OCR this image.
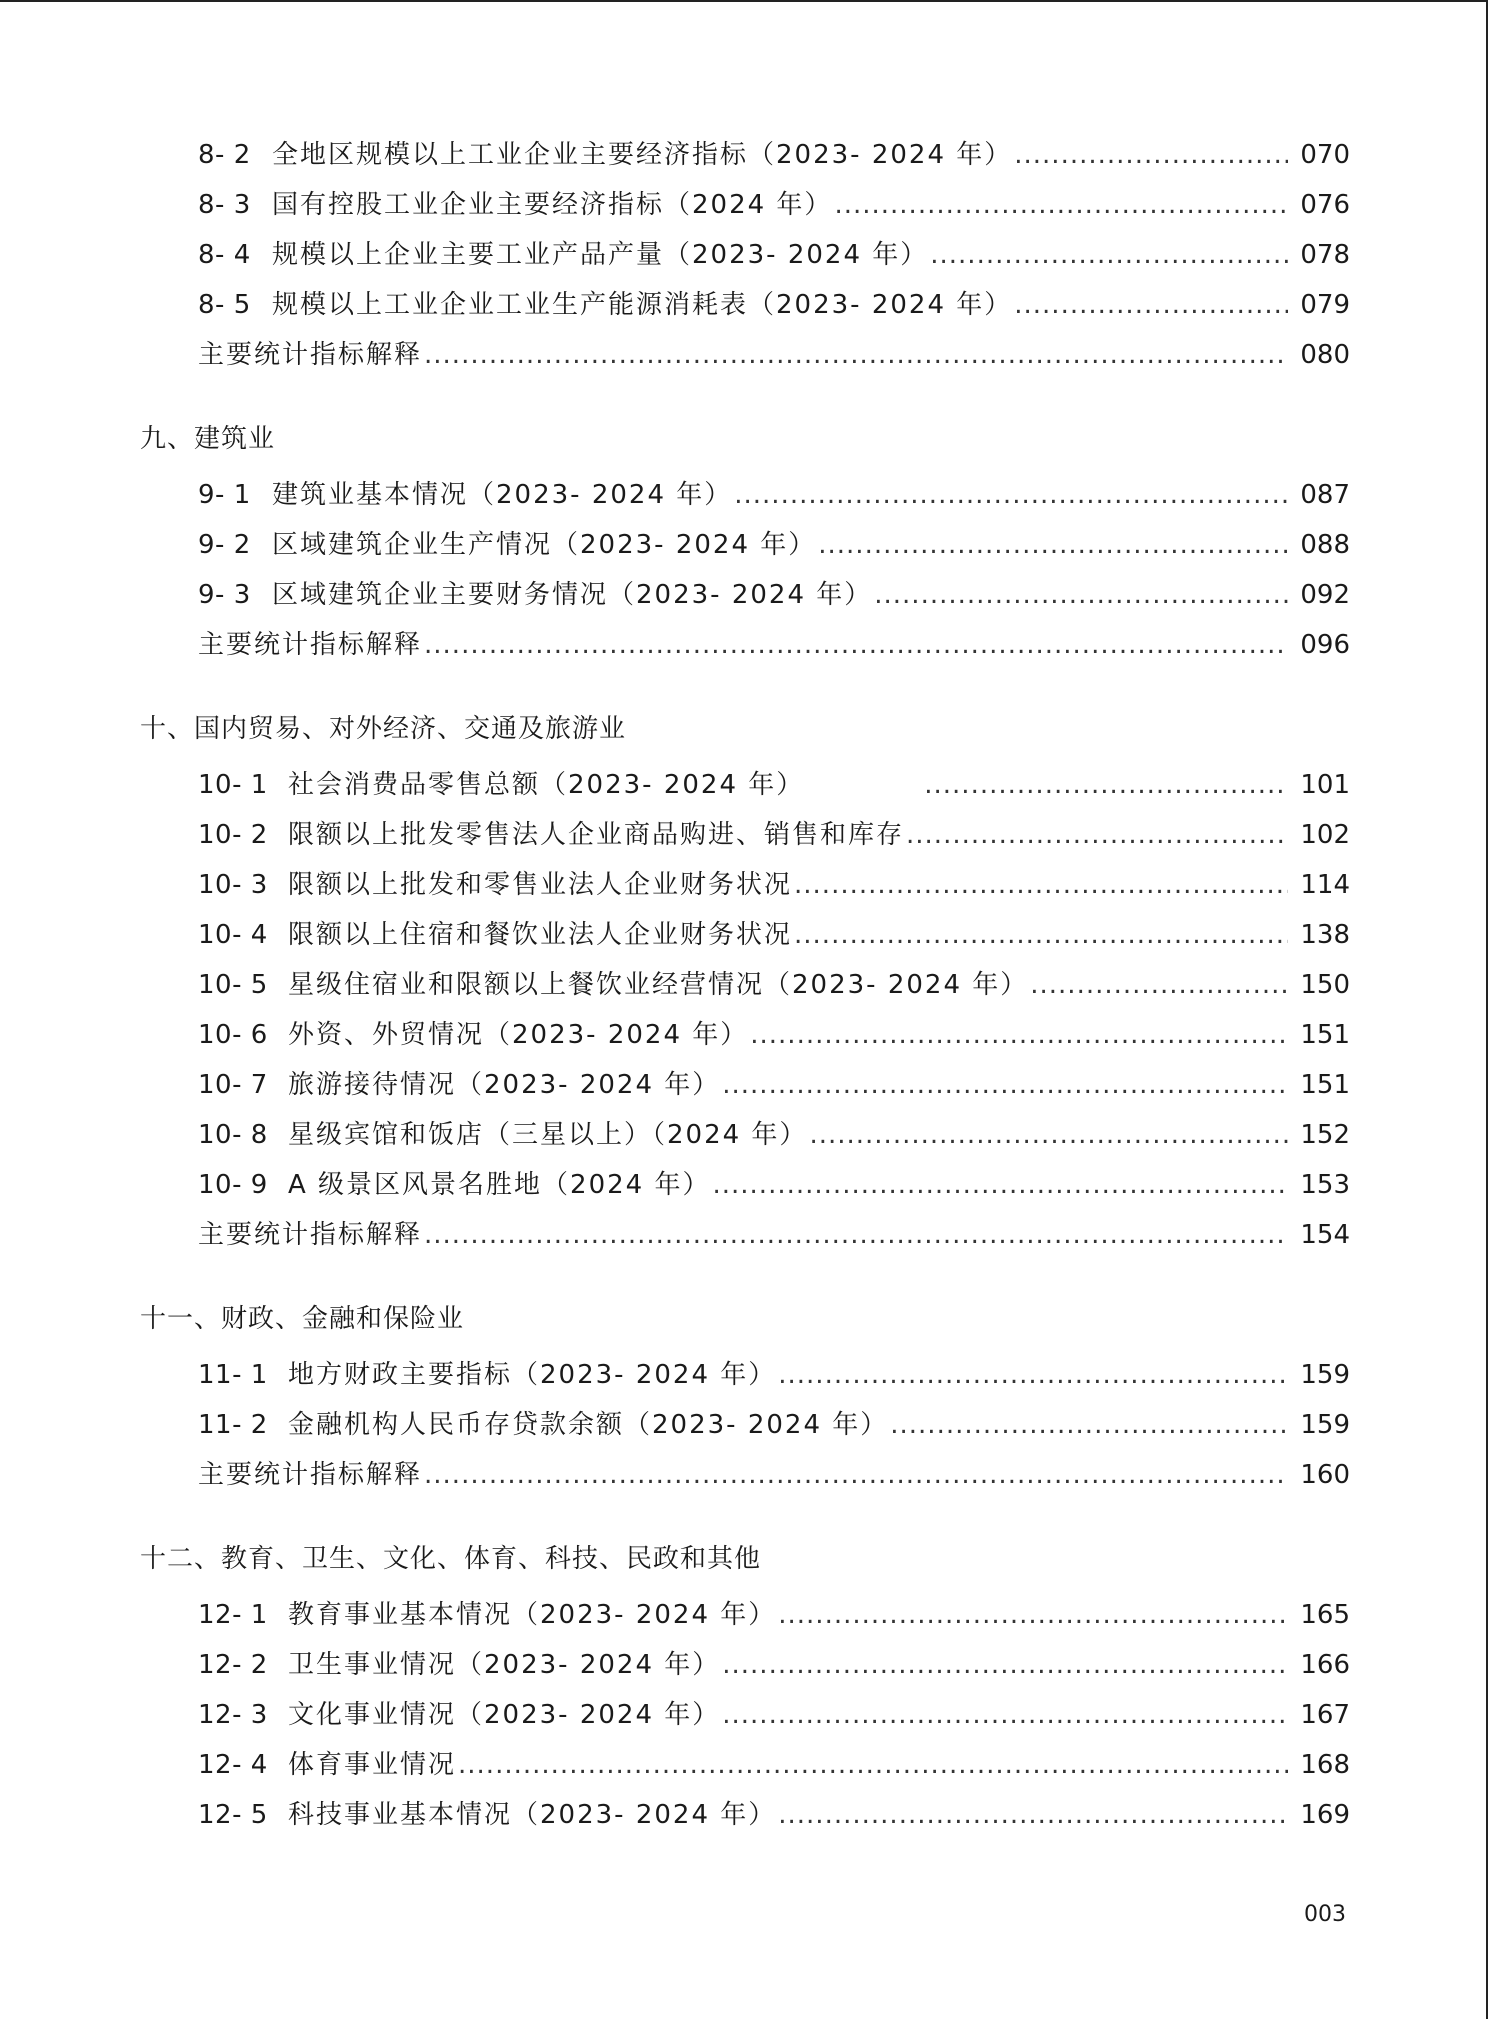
8- 2 全地区规模以上工业企业主要经济指标（2023- 2024 年） .....	070
8- 3 国有控股工业企业主要经济指标（2024 年） .....	076
8- 4 规模以上企业主要工业产品产量（2023- 2024 年） .....	078
8- 5 规模以上工业企业工业生产能源消耗表（2023- 2024 年） .....	079
主要统计指标解释 .....	080
九、建筑业
9- 1 建筑业基本情况（2023- 2024 年） .....	087
9- 2 区域建筑企业生产情况（2023- 2024 年） .....	088
9- 3 区域建筑企业主要财务情况（2023- 2024 年） .....	092
主要统计指标解释 .....	096
十、国内贸易、对外经济、交通及旅游业
10- 1 社会消费品零售总额（2023- 2024 年） .....	101
10- 2 限额以上批发零售法人企业商品购进、销售和库存 .....	102
10- 3 限额以上批发和零售业法人企业财务状况 .....	114
10- 4 限额以上住宿和餐饮业法人企业财务状况 .....	138
10- 5 星级住宿业和限额以上餐饮业经营情况（2023- 2024 年） .....	150
10- 6 外资、外贸情况（2023- 2024 年） .....	151
10- 7 旅游接待情况（2023- 2024 年） .....	151
10- 8 星级宾馆和饭店（三星以上）（2024 年） .....	152
10- 9 A 级景区风景名胜地（2024 年） .....	153
主要统计指标解释 .....	154
十一、财政、金融和保险业
11- 1 地方财政主要指标（2023- 2024 年） .....	159
11- 2 金融机构人民币存贷款余额（2023- 2024 年） .....	159
主要统计指标解释 .....	160
十二、教育、卫生、文化、体育、科技、民政和其他
12- 1 教育事业基本情况（2023- 2024 年） .....	165
12- 2 卫生事业情况（2023- 2024 年） .....	166
12- 3 文化事业情况（2023- 2024 年） .....	167
12- 4 体育事业情况 .....	168
12- 5 科技事业基本情况（2023- 2024 年） .....	169
003
